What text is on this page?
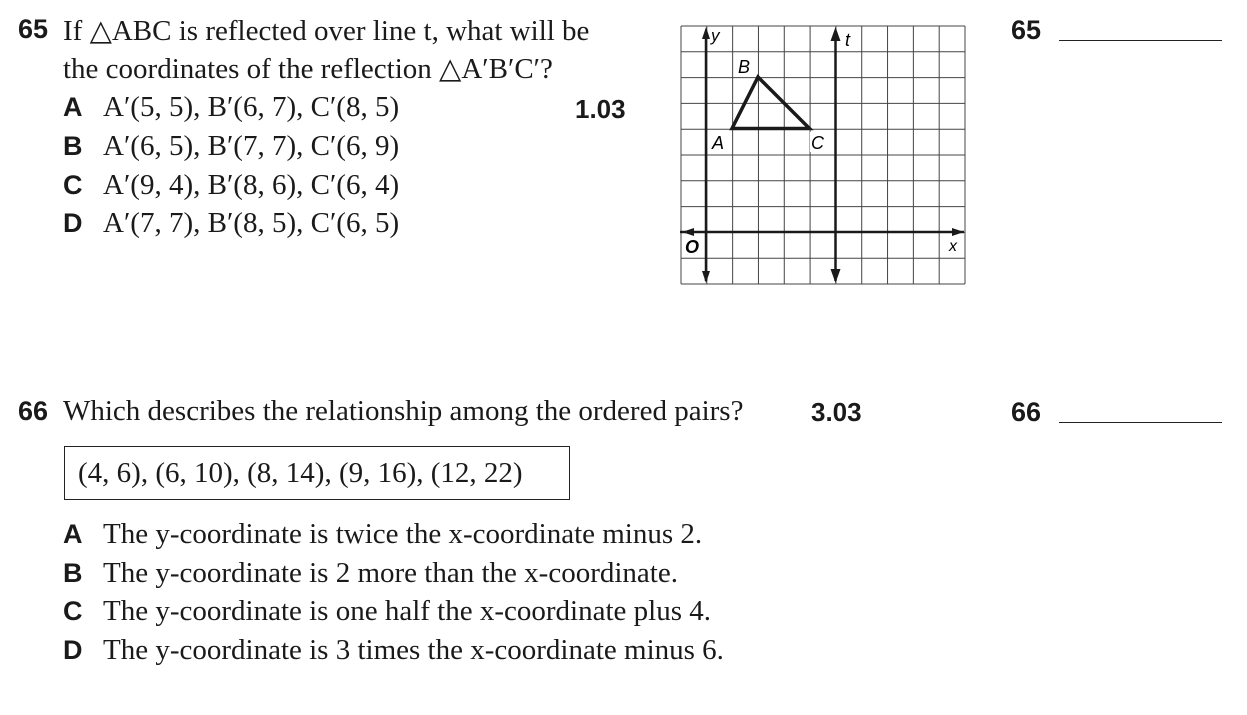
65 If △ABC is reflected over line t, what will be
the coordinates of the reflection △A′B′C′?
A A′(5, 5), B′(6, 7), C′(8, 5)
B A′(6, 5), B′(7, 7), C′(6, 9)
C A′(9, 4), B′(8, 6), C′(6, 4)
D A′(7, 7), B′(8, 5), C′(6, 5)
1.03
y	t
B
A	C
O	x
65
66 Which describes the relationship among the ordered pairs?	3.03
(4, 6), (6, 10), (8, 14), (9, 16), (12, 22)
A The y-coordinate is twice the x-coordinate minus 2.
B The y-coordinate is 2 more than the x-coordinate.
C The y-coordinate is one half the x-coordinate plus 4.
D The y-coordinate is 3 times the x-coordinate minus 6.
66
